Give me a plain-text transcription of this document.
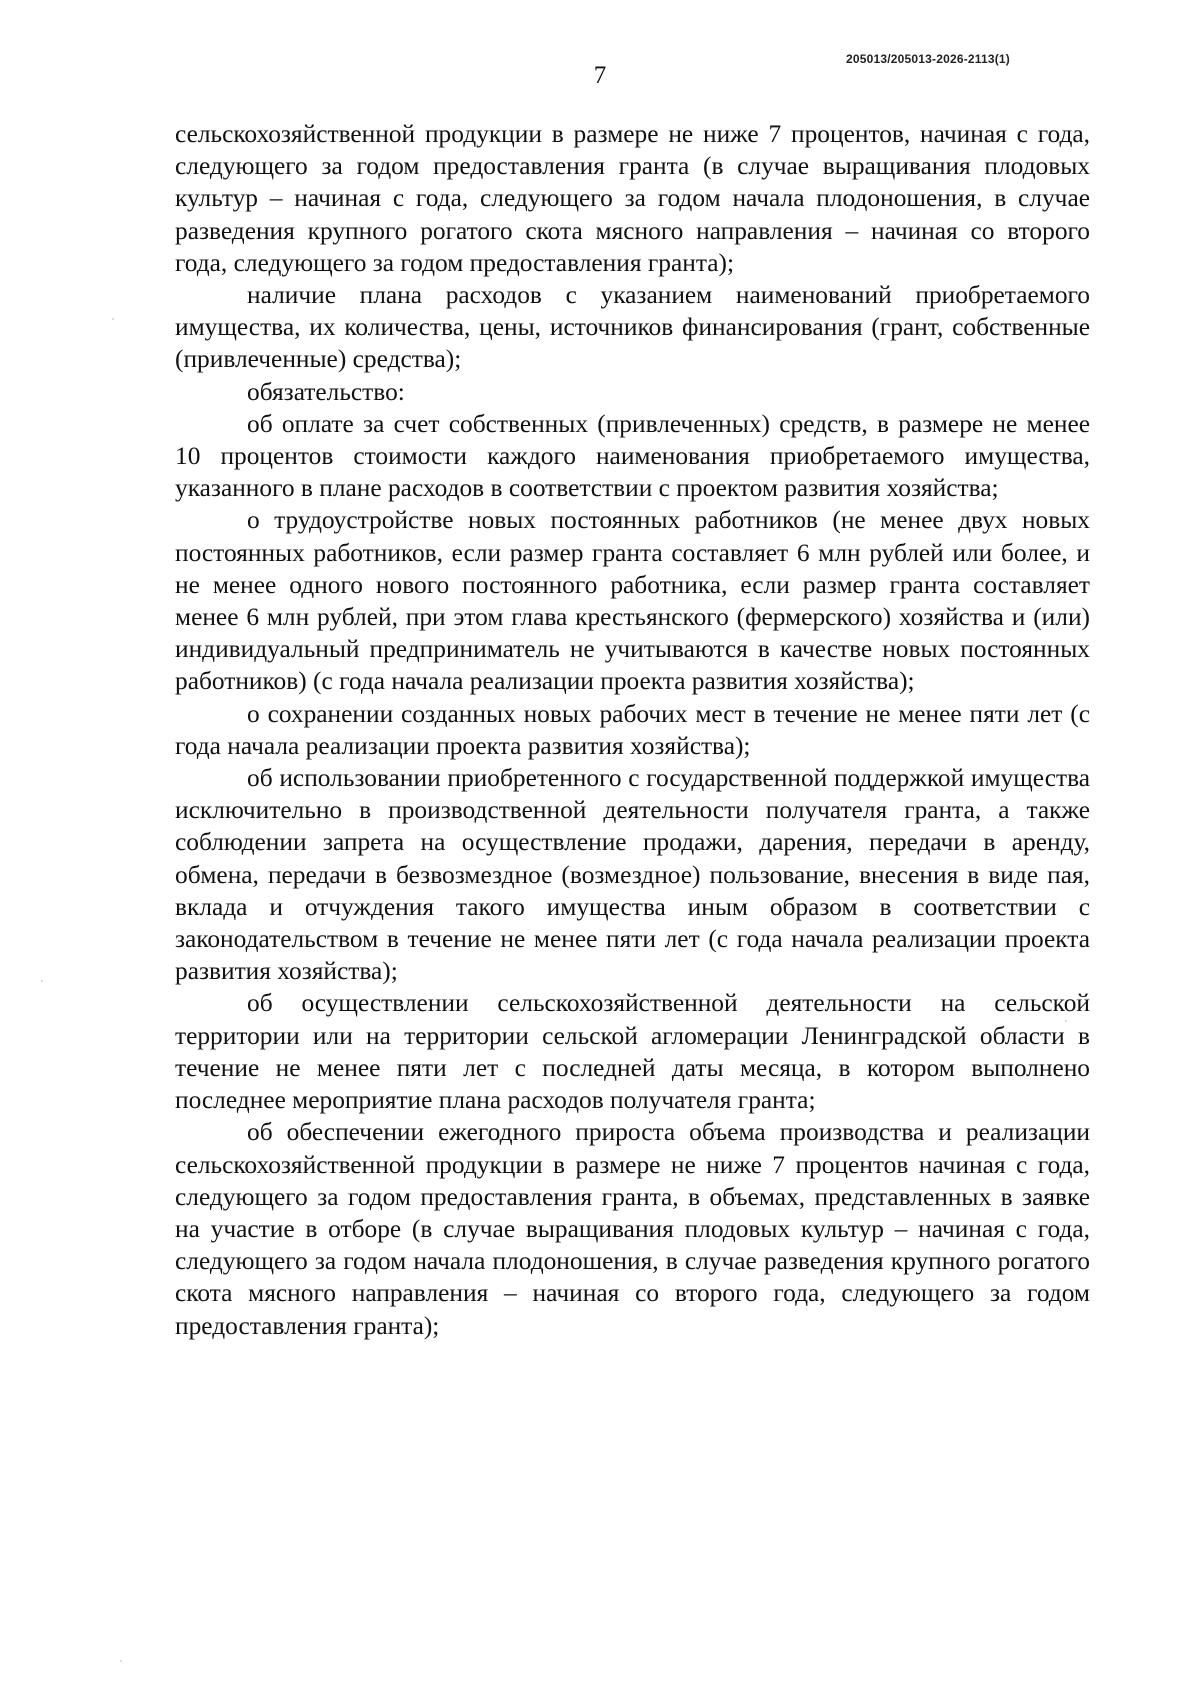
205013/205013-2026-2113(1)
7

сельскохозяйственной продукции в размере не ниже 7 процентов, начиная с года, следующего за годом предоставления гранта (в случае выращивания плодовых культур – начиная с года, следующего за годом начала плодоношения, в случае разведения крупного рогатого скота мясного направления – начиная со второго года, следующего за годом предоставления гранта);

наличие плана расходов с указанием наименований приобретаемого имущества, их количества, цены, источников финансирования (грант, собственные (привлеченные) средства);

обязательство:

об оплате за счет собственных (привлеченных) средств, в размере не менее 10 процентов стоимости каждого наименования приобретаемого имущества, указанного в плане расходов в соответствии с проектом развития хозяйства;

о трудоустройстве новых постоянных работников (не менее двух новых постоянных работников, если размер гранта составляет 6 млн рублей или более, и не менее одного нового постоянного работника, если размер гранта составляет менее 6 млн рублей, при этом глава крестьянского (фермерского) хозяйства и (или) индивидуальный предприниматель не учитываются в качестве новых постоянных работников) (с года начала реализации проекта развития хозяйства);

о сохранении созданных новых рабочих мест в течение не менее пяти лет (с года начала реализации проекта развития хозяйства);

об использовании приобретенного с государственной поддержкой имущества исключительно в производственной деятельности получателя гранта, а также соблюдении запрета на осуществление продажи, дарения, передачи в аренду, обмена, передачи в безвозмездное (возмездное) пользование, внесения в виде пая, вклада и отчуждения такого имущества иным образом в соответствии с законодательством в течение не менее пяти лет (с года начала реализации проекта развития хозяйства);

об осуществлении сельскохозяйственной деятельности на сельской территории или на территории сельской агломерации Ленинградской области в течение не менее пяти лет с последней даты месяца, в котором выполнено последнее мероприятие плана расходов получателя гранта;

об обеспечении ежегодного прироста объема производства и реализации сельскохозяйственной продукции в размере не ниже 7 процентов начиная с года, следующего за годом предоставления гранта, в объемах, представленных в заявке на участие в отборе (в случае выращивания плодовых культур – начиная с года, следующего за годом начала плодоношения, в случае разведения крупного рогатого скота мясного направления – начиная со второго года, следующего за годом предоставления гранта);
